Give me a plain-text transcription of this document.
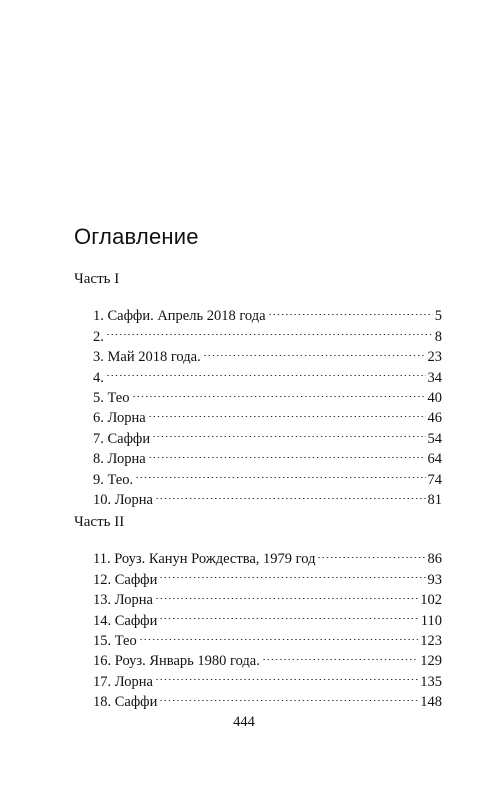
Оглавление
Часть I
1. Саффи. Апрель 2018 года	5
2.	8
3. Май 2018 года.	23
4.	34
5. Тео	40
6. Лорна	46
7. Саффи	54
8. Лорна	64
9. Тео.	74
10. Лорна	81
Часть II
11. Роуз. Канун Рождества, 1979 год	86
12. Саффи	93
13. Лорна	102
14. Саффи	110
15. Тео	123
16. Роуз. Январь 1980 года.	129
17. Лорна	135
18. Саффи	148
444
